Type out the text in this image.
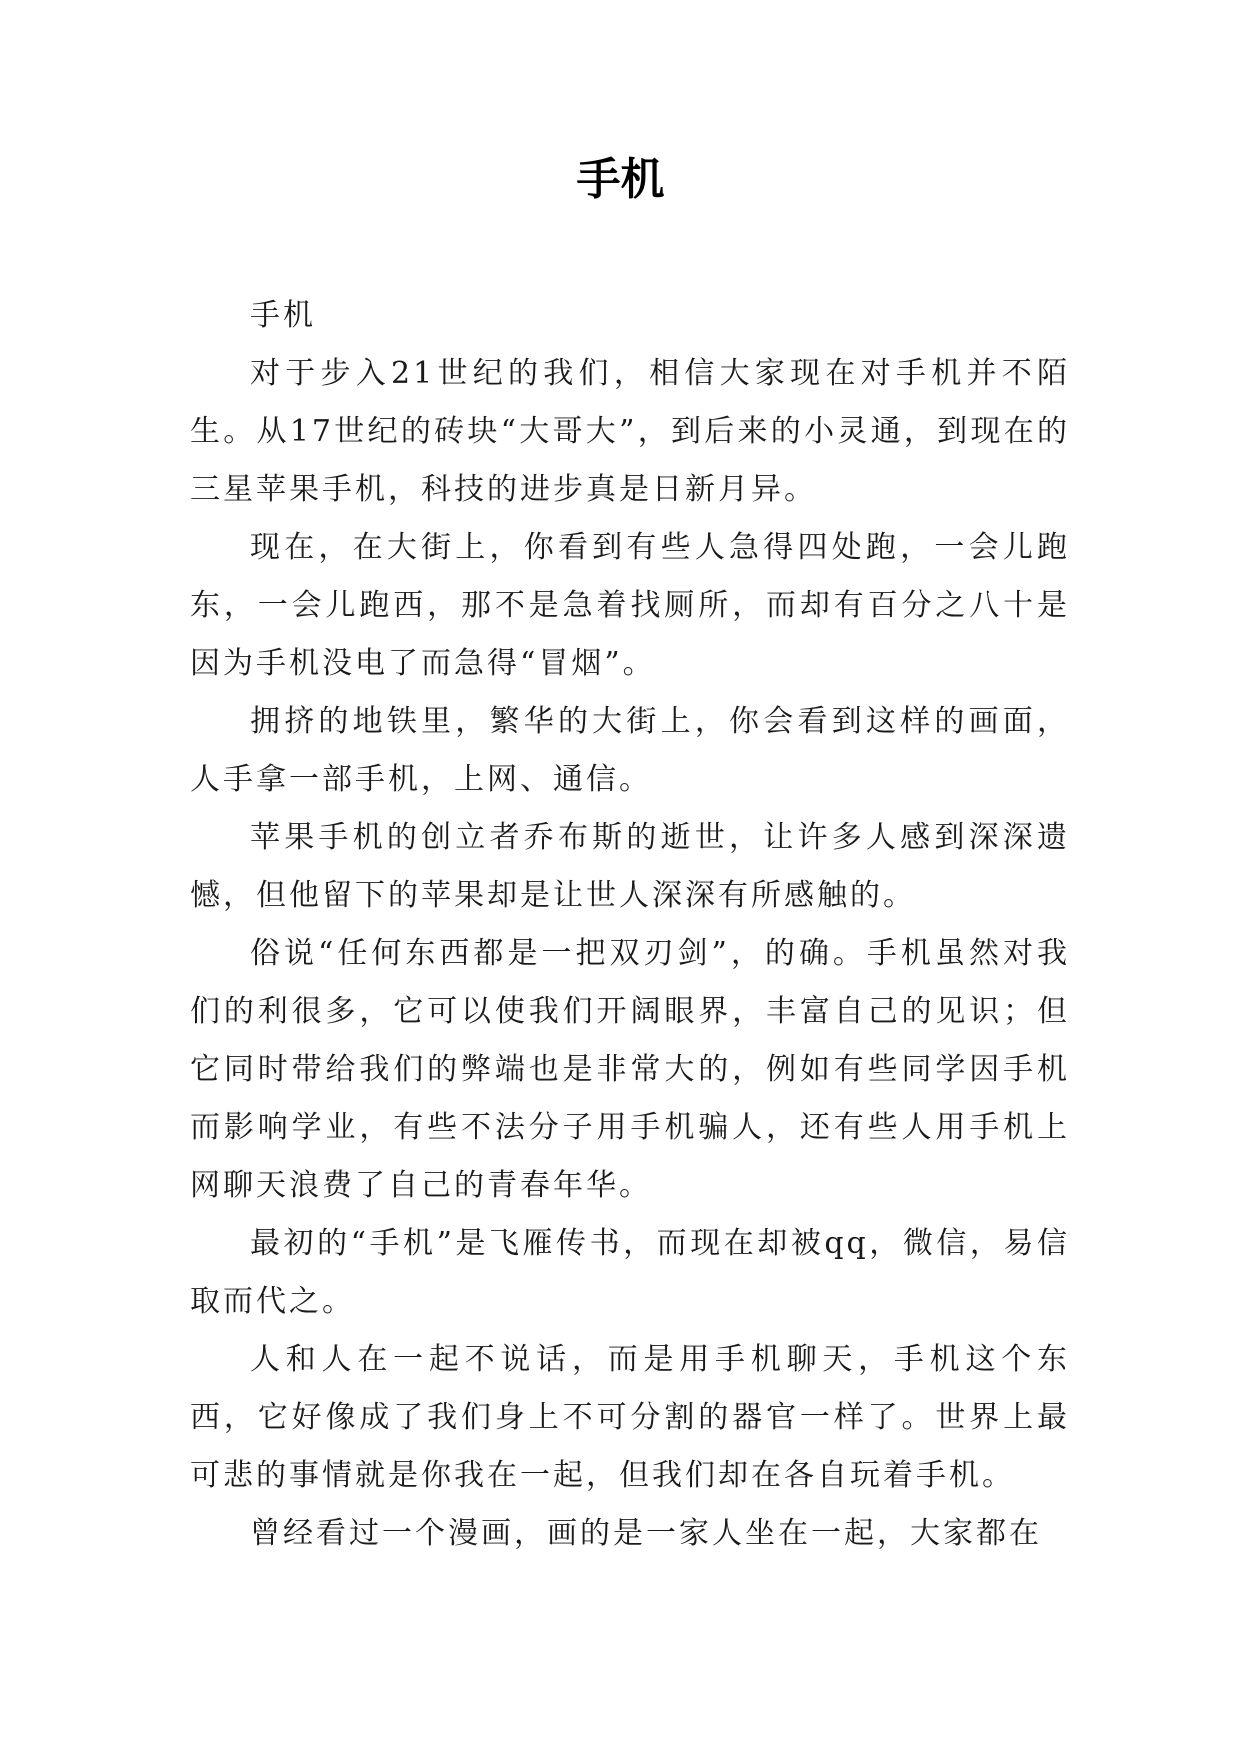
手机

手机

对于步入21世纪的我们，相信大家现在对手机并不陌生。从17世纪的砖块“大哥大”，到后来的小灵通，到现在的三星苹果手机，科技的进步真是日新月异。

现在，在大街上，你看到有些人急得四处跑，一会儿跑东，一会儿跑西，那不是急着找厕所，而却有百分之八十是因为手机没电了而急得“冒烟”。

拥挤的地铁里，繁华的大街上，你会看到这样的画面，人手拿一部手机，上网、通信。

苹果手机的创立者乔布斯的逝世，让许多人感到深深遗憾，但他留下的苹果却是让世人深深有所感触的。

俗说“任何东西都是一把双刃剑”，的确。手机虽然对我们的利很多，它可以使我们开阔眼界，丰富自己的见识；但它同时带给我们的弊端也是非常大的，例如有些同学因手机而影响学业，有些不法分子用手机骗人，还有些人用手机上网聊天浪费了自己的青春年华。

最初的“手机”是飞雁传书，而现在却被qq，微信，易信取而代之。

人和人在一起不说话，而是用手机聊天，手机这个东西，它好像成了我们身上不可分割的器官一样了。世界上最可悲的事情就是你我在一起，但我们却在各自玩着手机。

曾经看过一个漫画，画的是一家人坐在一起，大家都在
